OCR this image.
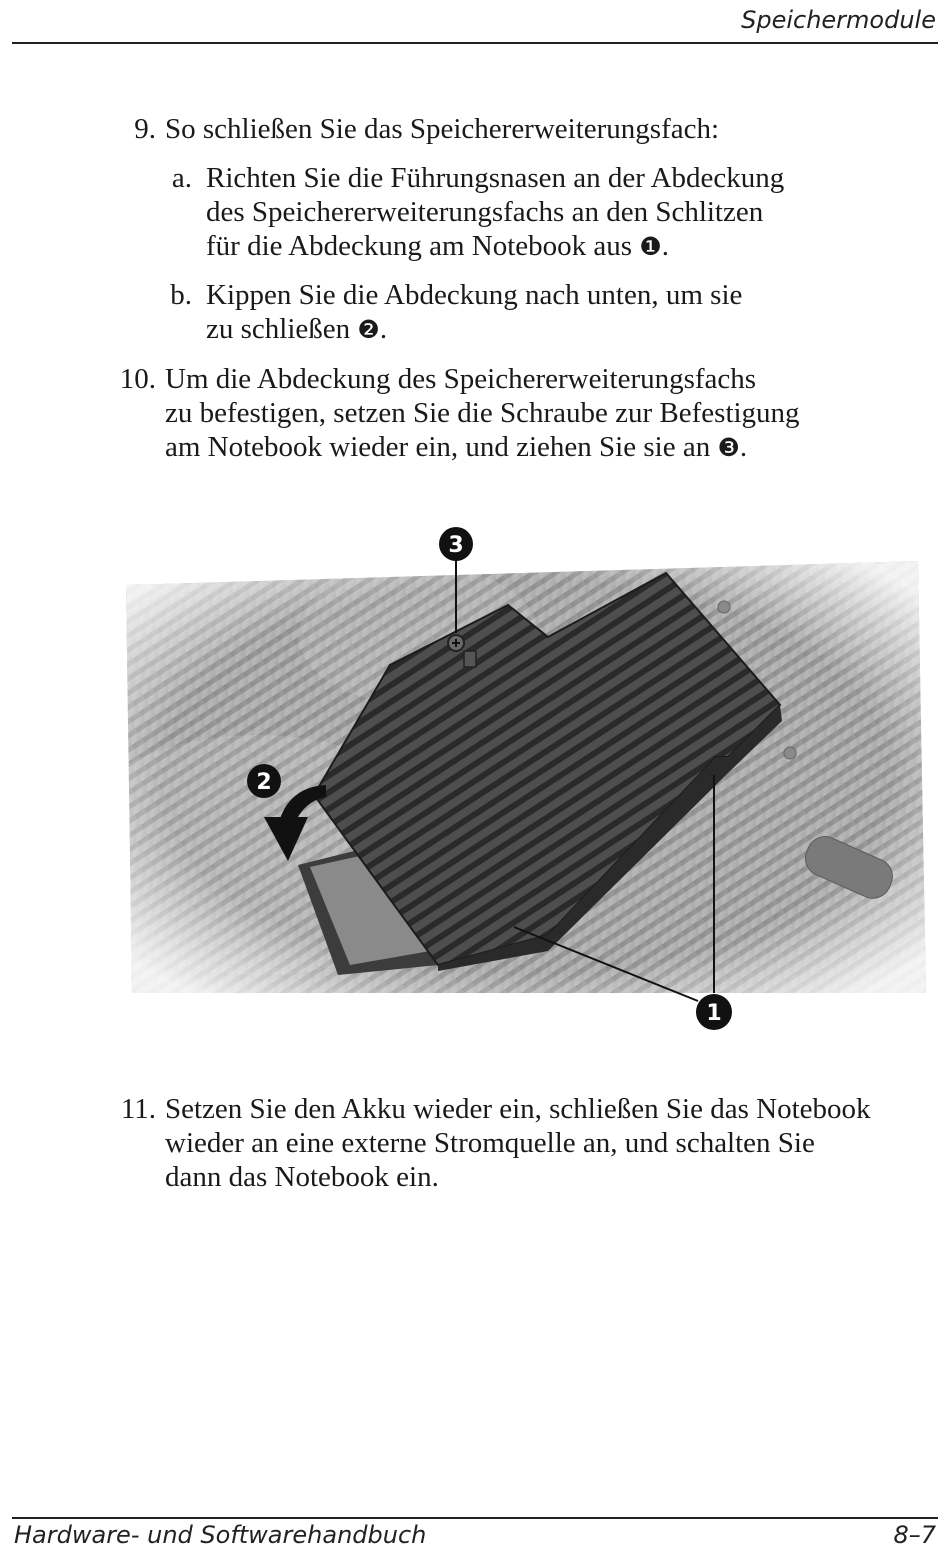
Speichermodule
9. So schließen Sie das Speichererweiterungsfach:
a. Richten Sie die Führungsnasen an der Abdeckung
des Speichererweiterungsfachs an den Schlitzen
für die Abdeckung am Notebook aus ❶.
b. Kippen Sie die Abdeckung nach unten, um sie
zu schließen ❷.
10. Um die Abdeckung des Speichererweiterungsfachs
zu befestigen, setzen Sie die Schraube zur Befestigung
am Notebook wieder ein, und ziehen Sie sie an ❸.
3
2
1
11. Setzen Sie den Akku wieder ein, schließen Sie das Notebook
wieder an eine externe Stromquelle an, und schalten Sie
dann das Notebook ein.
Hardware- und Softwarehandbuch	8–7
